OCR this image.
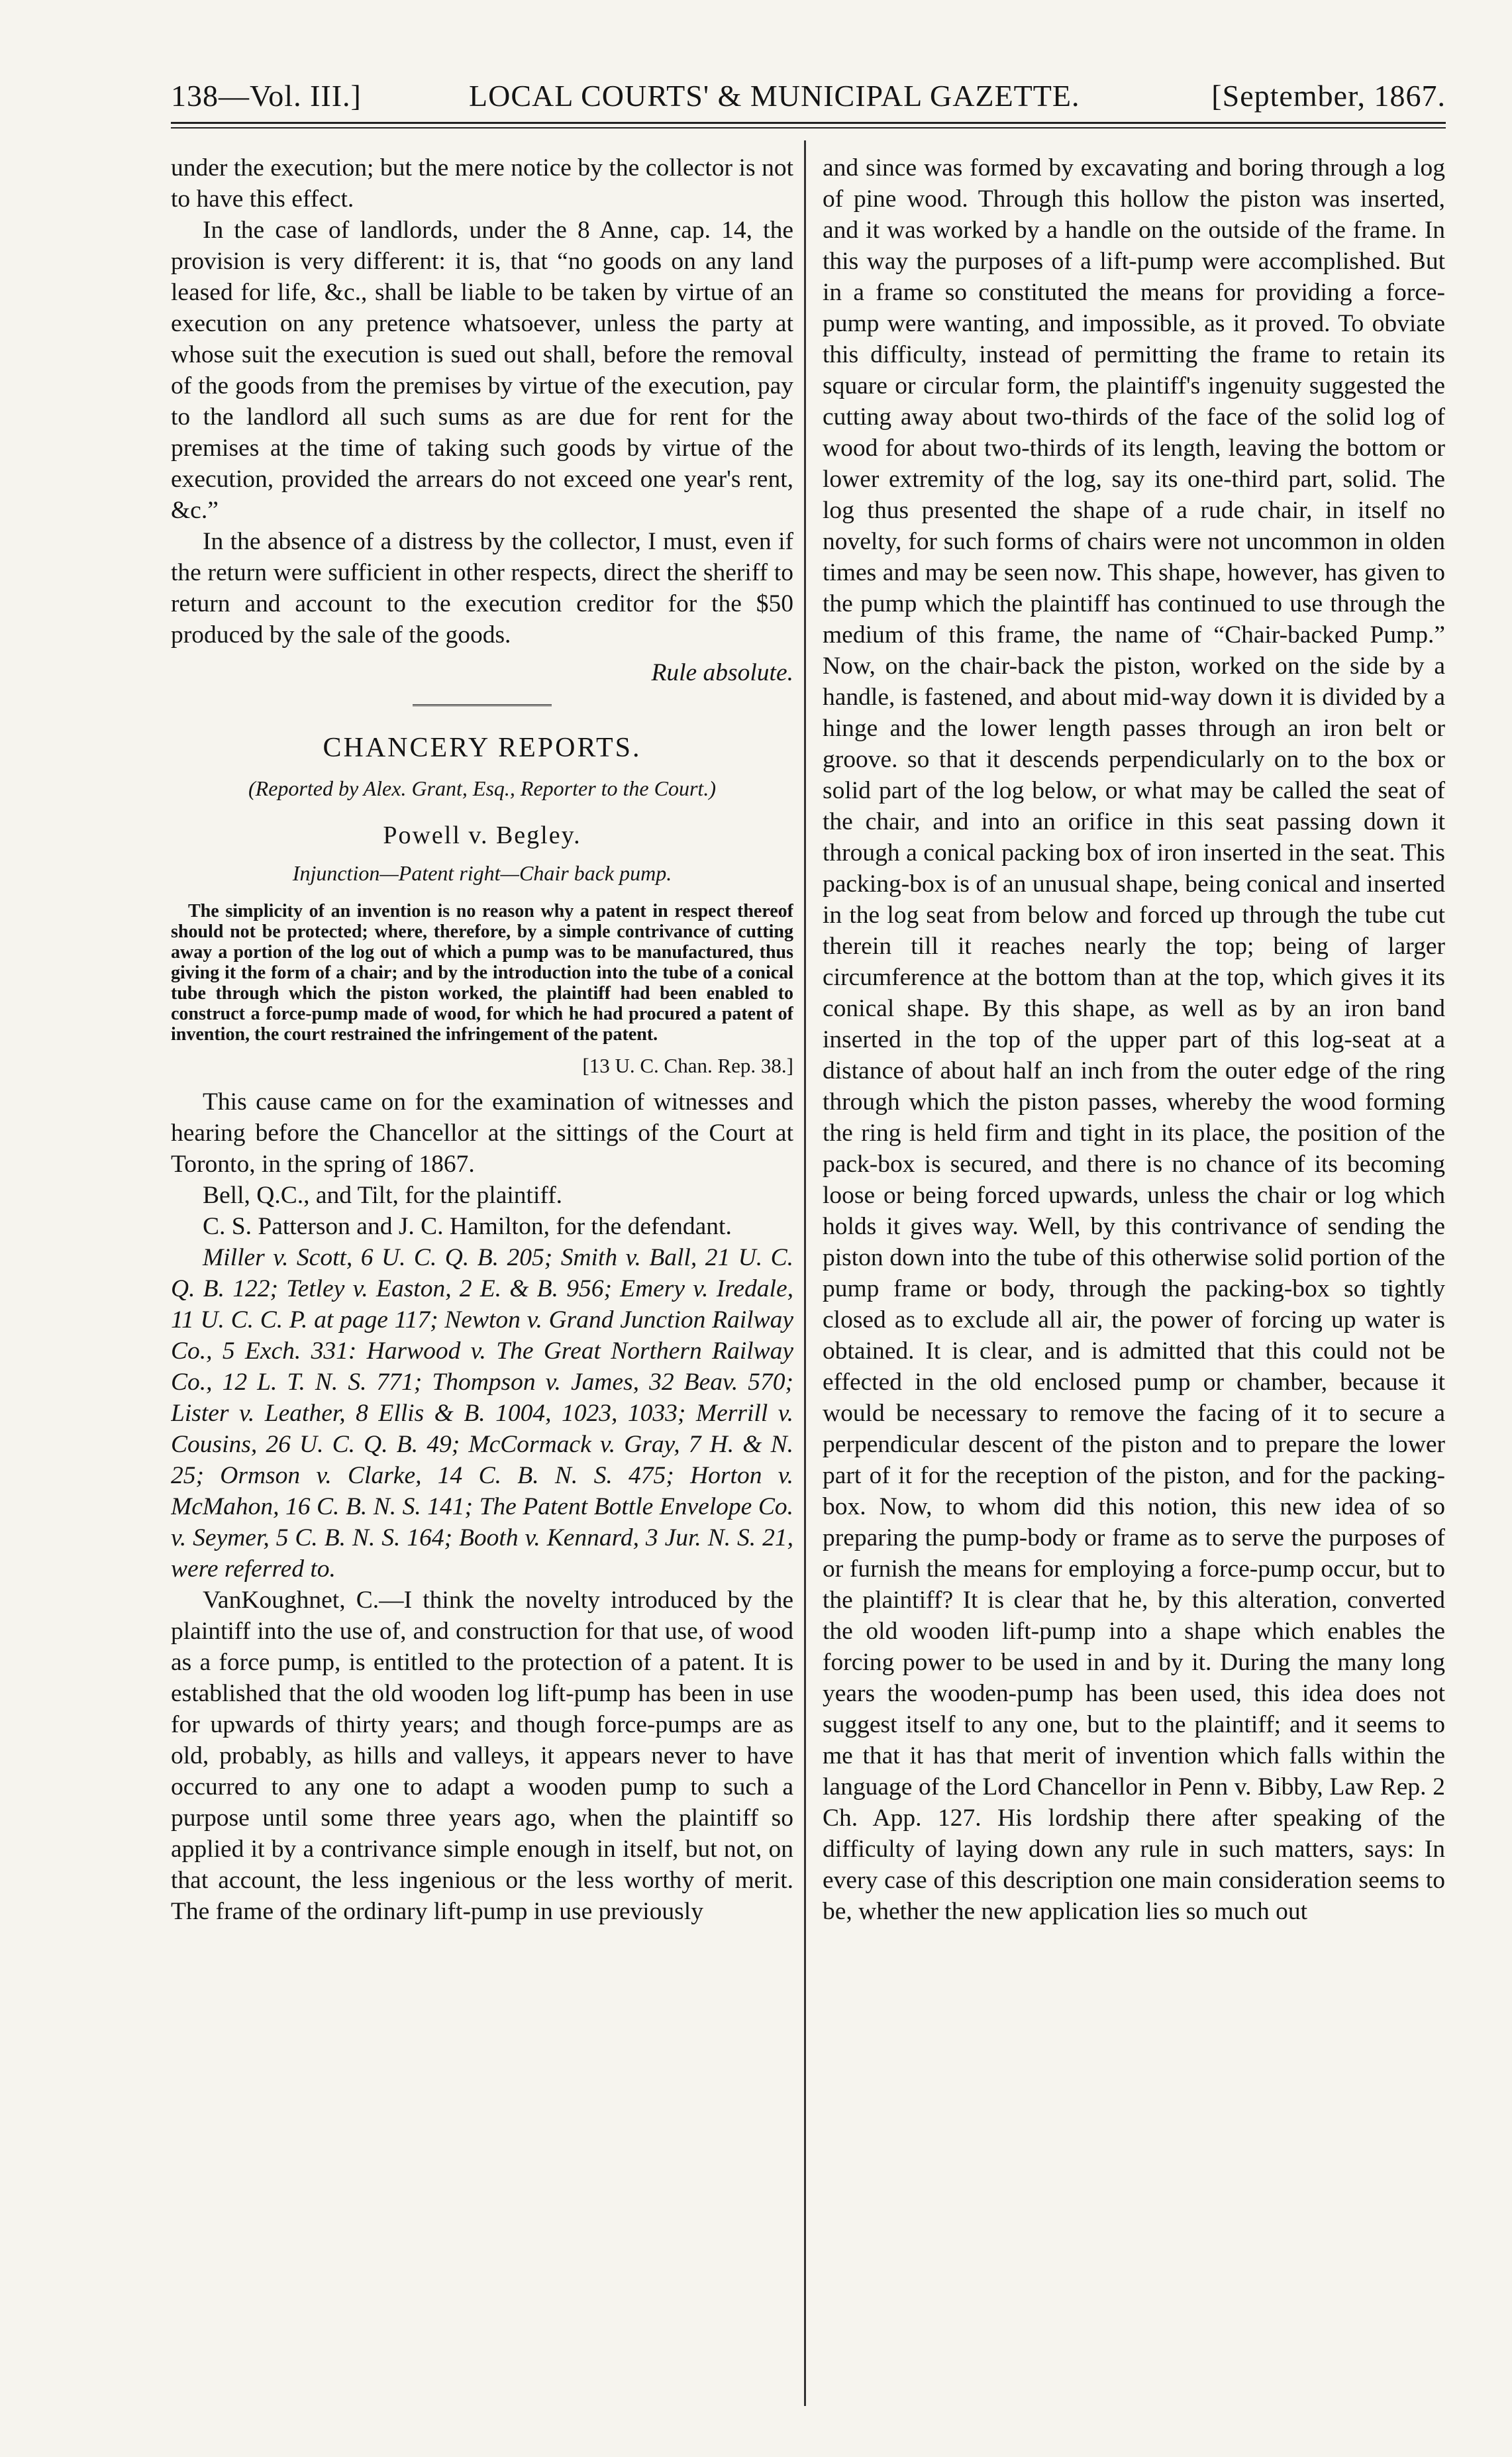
138—Vol. III.]	LOCAL COURTS' & MUNICIPAL GAZETTE.	[September, 1867.

under the execution; but the mere notice by the collector is not to have this effect.

In the case of landlords, under the 8 Anne, cap. 14, the provision is very different: it is, that “no goods on any land leased for life, &c., shall be liable to be taken by virtue of an execution on any pretence whatsoever, unless the party at whose suit the execution is sued out shall, before the removal of the goods from the premises by virtue of the execution, pay to the landlord all such sums as are due for rent for the premises at the time of taking such goods by virtue of the execution, provided the arrears do not exceed one year's rent, &c.”

In the absence of a distress by the collector, I must, even if the return were sufficient in other respects, direct the sheriff to return and account to the execution creditor for the $50 produced by the sale of the goods.

Rule absolute.

CHANCERY REPORTS.

(Reported by Alex. Grant, Esq., Reporter to the Court.)

Powell v. Begley.

Injunction—Patent right—Chair back pump.

The simplicity of an invention is no reason why a patent in respect thereof should not be protected; where, therefore, by a simple contrivance of cutting away a portion of the log out of which a pump was to be manufactured, thus giving it the form of a chair; and by the introduction into the tube of a conical tube through which the piston worked, the plaintiff had been enabled to construct a force-pump made of wood, for which he had procured a patent of invention, the court restrained the infringement of the patent.

[13 U. C. Chan. Rep. 38.]

This cause came on for the examination of witnesses and hearing before the Chancellor at the sittings of the Court at Toronto, in the spring of 1867.

Bell, Q.C., and Tilt, for the plaintiff.

C. S. Patterson and J. C. Hamilton, for the defendant.

Miller v. Scott, 6 U. C. Q. B. 205; Smith v. Ball, 21 U. C. Q. B. 122; Tetley v. Easton, 2 E. & B. 956; Emery v. Iredale, 11 U. C. C. P. at page 117; Newton v. Grand Junction Railway Co., 5 Exch. 331: Harwood v. The Great Northern Railway Co., 12 L. T. N. S. 771; Thompson v. James, 32 Beav. 570; Lister v. Leather, 8 Ellis & B. 1004, 1023, 1033; Merrill v. Cousins, 26 U. C. Q. B. 49; McCormack v. Gray, 7 H. & N. 25; Ormson v. Clarke, 14 C. B. N. S. 475; Horton v. McMahon, 16 C. B. N. S. 141; The Patent Bottle Envelope Co. v. Seymer, 5 C. B. N. S. 164; Booth v. Kennard, 3 Jur. N. S. 21, were referred to.

VanKoughnet, C.—I think the novelty introduced by the plaintiff into the use of, and construction for that use, of wood as a force pump, is entitled to the protection of a patent. It is established that the old wooden log lift-pump has been in use for upwards of thirty years; and though force-pumps are as old, probably, as hills and valleys, it appears never to have occurred to any one to adapt a wooden pump to such a purpose until some three years ago, when the plaintiff so applied it by a contrivance simple enough in itself, but not, on that account, the less ingenious or the less worthy of merit. The frame of the ordinary lift-pump in use previously

and since was formed by excavating and boring through a log of pine wood. Through this hollow the piston was inserted, and it was worked by a handle on the outside of the frame. In this way the purposes of a lift-pump were accomplished. But in a frame so constituted the means for providing a force-pump were wanting, and impossible, as it proved. To obviate this difficulty, instead of permitting the frame to retain its square or circular form, the plaintiff's ingenuity suggested the cutting away about two-thirds of the face of the solid log of wood for about two-thirds of its length, leaving the bottom or lower extremity of the log, say its one-third part, solid. The log thus presented the shape of a rude chair, in itself no novelty, for such forms of chairs were not uncommon in olden times and may be seen now. This shape, however, has given to the pump which the plaintiff has continued to use through the medium of this frame, the name of “Chair-backed Pump.” Now, on the chair-back the piston, worked on the side by a handle, is fastened, and about mid-way down it is divided by a hinge and the lower length passes through an iron belt or groove. so that it descends perpendicularly on to the box or solid part of the log below, or what may be called the seat of the chair, and into an orifice in this seat passing down it through a conical packing box of iron inserted in the seat. This packing-box is of an unusual shape, being conical and inserted in the log seat from below and forced up through the tube cut therein till it reaches nearly the top; being of larger circumference at the bottom than at the top, which gives it its conical shape. By this shape, as well as by an iron band inserted in the top of the upper part of this log-seat at a distance of about half an inch from the outer edge of the ring through which the piston passes, whereby the wood forming the ring is held firm and tight in its place, the position of the pack-box is secured, and there is no chance of its becoming loose or being forced upwards, unless the chair or log which holds it gives way. Well, by this contrivance of sending the piston down into the tube of this otherwise solid portion of the pump frame or body, through the packing-box so tightly closed as to exclude all air, the power of forcing up water is obtained. It is clear, and is admitted that this could not be effected in the old enclosed pump or chamber, because it would be necessary to remove the facing of it to secure a perpendicular descent of the piston and to prepare the lower part of it for the reception of the piston, and for the packing-box. Now, to whom did this notion, this new idea of so preparing the pump-body or frame as to serve the purposes of or furnish the means for employing a force-pump occur, but to the plaintiff? It is clear that he, by this alteration, converted the old wooden lift-pump into a shape which enables the forcing power to be used in and by it. During the many long years the wooden-pump has been used, this idea does not suggest itself to any one, but to the plaintiff; and it seems to me that it has that merit of invention which falls within the language of the Lord Chancellor in Penn v. Bibby, Law Rep. 2 Ch. App. 127. His lordship there after speaking of the difficulty of laying down any rule in such matters, says: In every case of this description one main consideration seems to be, whether the new application lies so much out
